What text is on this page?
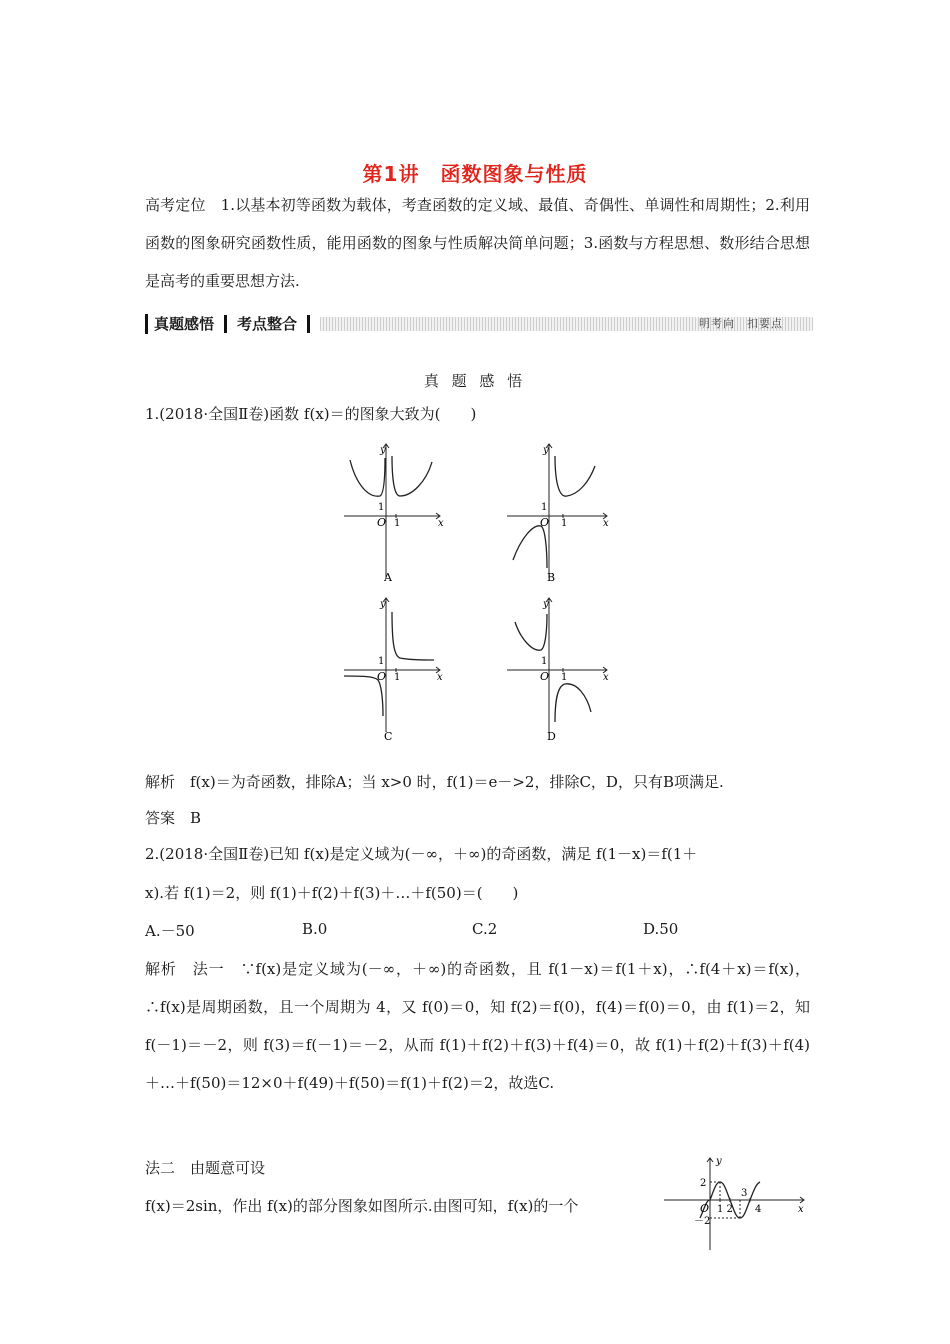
第1讲　函数图象与性质
高考定位　1.以基本初等函数为载体，考查函数的定义域、最值、奇偶性、单调性和周期性；2.利用函数的图象研究函数性质，能用函数的图象与性质解决简单问题；3.函数与方程思想、数形结合思想是高考的重要思想方法.
真题感悟	考点整合	明考向　扣要点
真 题 感 悟
1.(2018·全国Ⅱ卷)函数 f(x)＝的图象大致为(　　)
y
x
O
1
1
A
y
x
O
1
1
B
y
x
O
1
1
C
y
x
O
1
1
D
解析　f(x)＝为奇函数，排除A；当 x>0 时，f(1)＝e－>2，排除C，D，只有B项满足.
答案　B
2.(2018·全国Ⅱ卷)已知 f(x)是定义域为(－∞，＋∞)的奇函数，满足 f(1－x)＝f(1＋
x).若 f(1)＝2，则 f(1)＋f(2)＋f(3)＋…＋f(50)＝(　　)
A.－50	B.0	C.2	D.50
解析　法一　∵f(x)是定义域为(－∞，＋∞)的奇函数，且 f(1－x)＝f(1＋x)，∴f(4＋x)＝f(x)，∴f(x)是周期函数，且一个周期为 4，又 f(0)＝0，知 f(2)＝f(0)，f(4)＝f(0)＝0，由 f(1)＝2，知 f(－1)＝－2，则 f(3)＝f(－1)＝－2，从而 f(1)＋f(2)＋f(3)＋f(4)＝0，故 f(1)＋f(2)＋f(3)＋f(4)＋…＋f(50)＝12×0＋f(49)＋f(50)＝f(1)＋f(2)＝2，故选C.
法二　由题意可设
f(x)＝2sin，作出 f(x)的部分图象如图所示.由图可知，f(x)的一个
y
x
O
2
－2
1 2
3
4
